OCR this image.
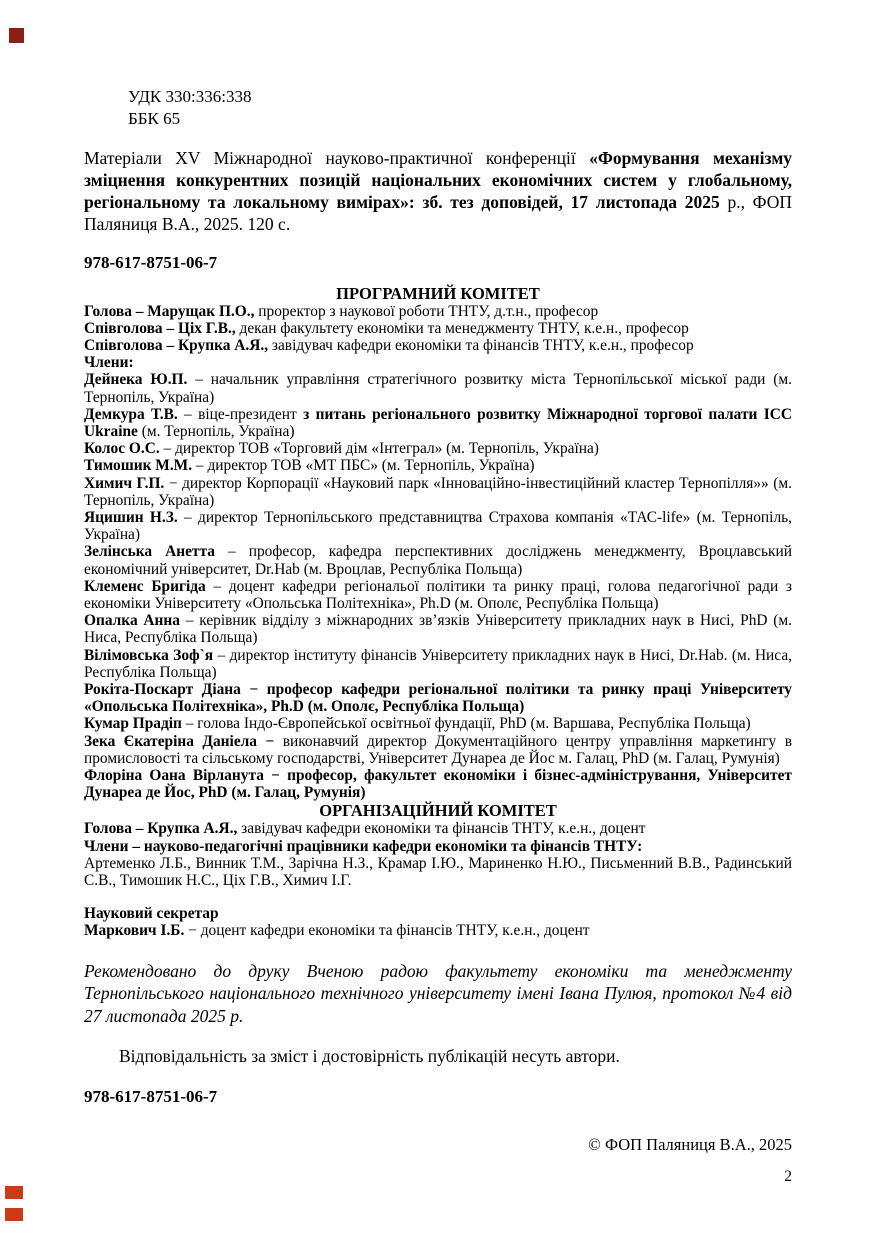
УДК 330:336:338
ББК 65

Матеріали XV Міжнародної науково-практичної конференції «Формування механізму зміцнення конкурентних позицій національних економічних систем у глобальному, регіональному та локальному вимірах»: зб. тез доповідей, 17 листопада 2025 р., ФОП Паляниця В.А., 2025. 120 с.

978-617-8751-06-7
ПРОГРАМНИЙ КОМІТЕТ
Голова – Марущак П.О., проректор з наукової роботи ТНТУ, д.т.н., професор
Співголова – Ціх Г.В., декан факультету економіки та менеджменту ТНТУ, к.е.н., професор
Співголова – Крупка А.Я., завідувач кафедри економіки та фінансів ТНТУ, к.е.н., професор
Члени:
Дейнека Ю.П. – начальник управління стратегічного розвитку міста Тернопільської міської ради (м. Тернопіль, Україна)
Демкура Т.В. – віце-президент з питань регіонального розвитку Міжнародної торгової палати ICC Ukraine (м. Тернопіль, Україна)
Колос О.С. – директор ТОВ «Торговий дім «Інтеграл» (м. Тернопіль, Україна)
Тимошик М.М. – директор ТОВ «МТ ПБС» (м. Тернопіль, Україна)
Химич Г.П. − директор Корпорації «Науковий парк «Інноваційно-інвестиційний кластер Тернопілля»» (м. Тернопіль, Україна)
Яцишин Н.З. – директор Тернопільського представництва Страхова компанія «ТАС-life» (м. Тернопіль, Україна)
Зелінська Анетта – професор, кафедра перспективних досліджень менеджменту, Вроцлавський економічний університет, Dr.Hab (м. Вроцлав, Республіка Польща)
Клеменс Бригіда – доцент кафедри регіональої політики та ринку праці, голова педагогічної ради з економіки Університету «Опольська Політехніка», Ph.D (м. Ополє, Республіка Польща)
Опалка Анна – керівник відділу з міжнародних зв’язків Університету прикладних наук в Нисі, PhD (м. Ниса, Республіка Польща)
Вілімовська Зоф`я – директор інституту фінансів Університету прикладних наук в Нисі, Dr.Hab. (м. Ниса, Республіка Польща)
Рокіта-Поскарт Діана − професор кафедри регіональної політики та ринку праці Університету «Опольська Політехніка», Ph.D (м. Ополє, Республіка Польща)
Кумар Прадіп – голова Індо-Європейської освітньої фундації, PhD (м. Варшава, Республіка Польща)
Зека Єкатеріна Даніела − виконавчий директор Документаційного центру управління маркетингу в промисловості та сільському господарстві, Університет Дунареа де Йос м. Галац, PhD (м. Галац, Румунія)
Флоріна Оана Вірланута − професор, факультет економіки і бізнес-адміністрування, Університет Дунареа де Йос, PhD (м. Галац, Румунія)
ОРГАНІЗАЦІЙНИЙ КОМІТЕТ
Голова – Крупка А.Я., завідувач кафедри економіки та фінансів ТНТУ, к.е.н., доцент
Члени – науково-педагогічні працівники кафедри економіки та фінансів ТНТУ:
Артеменко Л.Б., Винник Т.М., Зарічна Н.З., Крамар І.Ю., Мариненко Н.Ю., Письменний В.В., Радинський С.В., Тимошик Н.С., Ціх Г.В., Химич І.Г.
Науковий секретар
Маркович І.Б. − доцент кафедри економіки та фінансів ТНТУ, к.е.н., доцент

Рекомендовано до друку Вченою радою факультету економіки та менеджменту Тернопільського національного технічного університету імені Івана Пулюя, протокол №4 від 27 листопада 2025 р.

Відповідальність за зміст і достовірність публікацій несуть автори.
978-617-8751-06-7
© ФОП Паляниця В.А., 2025
2
